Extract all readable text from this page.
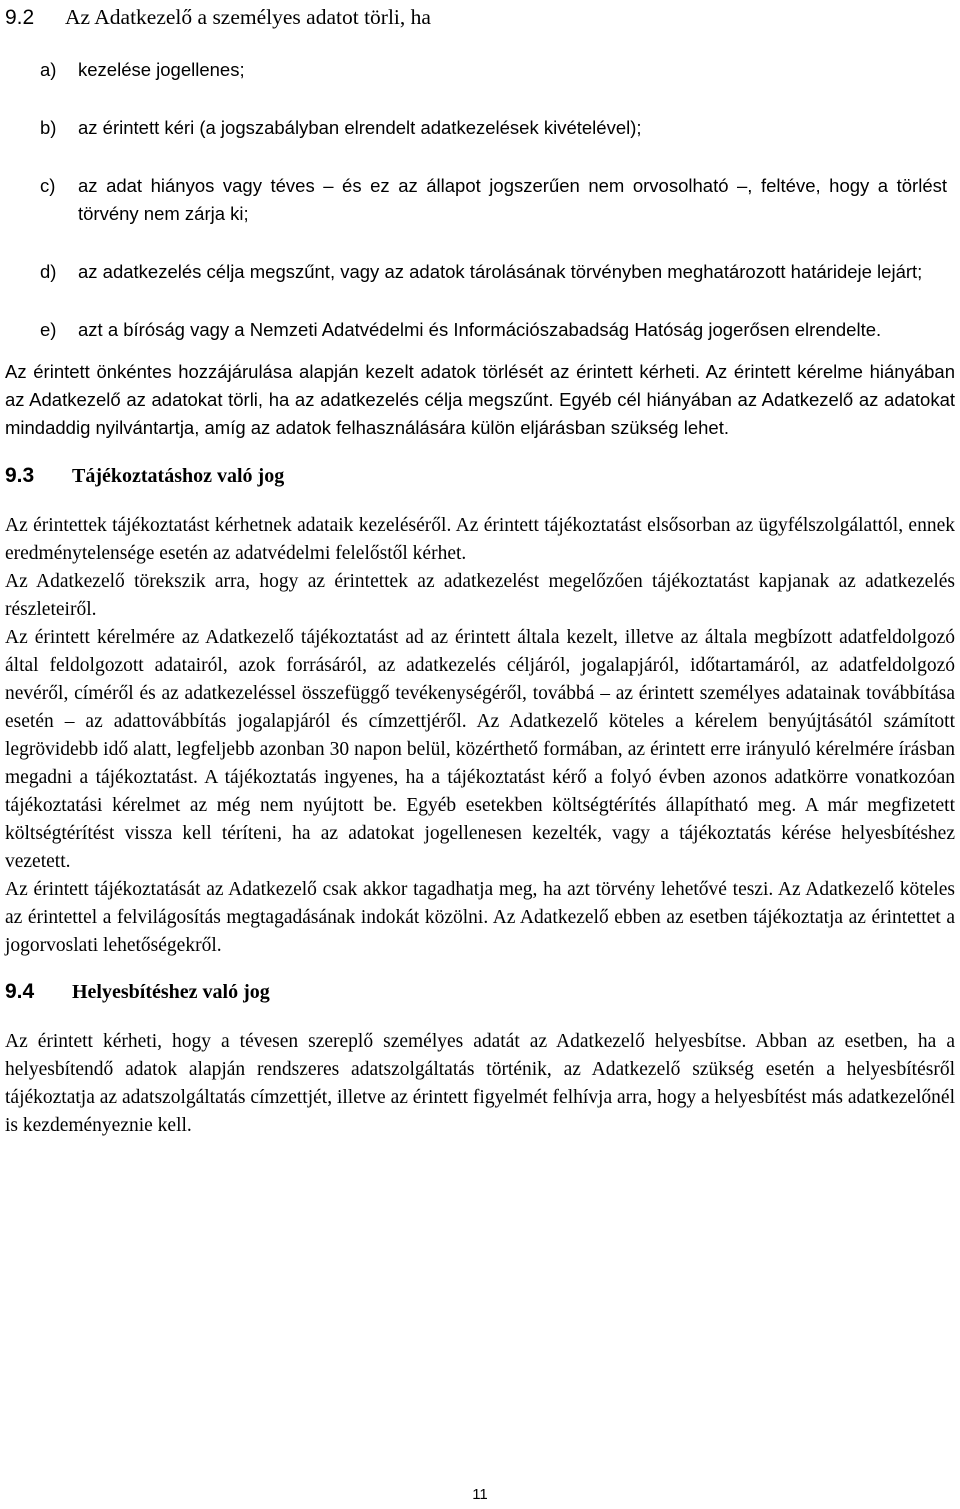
9.2	Az Adatkezelő a személyes adatot törli, ha
a)	kezelése jogellenes;
b)	az érintett kéri (a jogszabályban elrendelt adatkezelések kivételével);
c)	az adat hiányos vagy téves – és ez az állapot jogszerűen nem orvosolható –, feltéve, hogy a törlést törvény nem zárja ki;
d)	az adatkezelés célja megszűnt, vagy az adatok tárolásának törvényben meghatározott határideje lejárt;
e)	azt a bíróság vagy a Nemzeti Adatvédelmi és Információszabadság Hatóság jogerősen elrendelte.

Az érintett önkéntes hozzájárulása alapján kezelt adatok törlését az érintett kérheti. Az érintett kérelme hiányában az Adatkezelő az adatokat törli, ha az adatkezelés célja megszűnt. Egyéb cél hiányában az Adatkezelő az adatokat mindaddig nyilvántartja, amíg az adatok felhasználására külön eljárásban szükség lehet.

9.3	Tájékoztatáshoz való jog

Az érintettek tájékoztatást kérhetnek adataik kezeléséről. Az érintett tájékoztatást elsősorban az ügyfélszolgálattól, ennek eredménytelensége esetén az adatvédelmi felelőstől kérhet.

Az Adatkezelő törekszik arra, hogy az érintettek az adatkezelést megelőzően tájékoztatást kapjanak az adatkezelés részleteiről.

Az érintett kérelmére az Adatkezelő tájékoztatást ad az érintett általa kezelt, illetve az általa megbízott adatfeldolgozó által feldolgozott adatairól, azok forrásáról, az adatkezelés céljáról, jogalapjáról, időtartamáról, az adatfeldolgozó nevéről, címéről és az adatkezeléssel összefüggő tevékenységéről, továbbá – az érintett személyes adatainak továbbítása esetén – az adattovábbítás jogalapjáról és címzettjéről. Az Adatkezelő köteles a kérelem benyújtásától számított legrövidebb idő alatt, legfeljebb azonban 30 napon belül, közérthető formában, az érintett erre irányuló kérelmére írásban megadni a tájékoztatást. A tájékoztatás ingyenes, ha a tájékoztatást kérő a folyó évben azonos adatkörre vonatkozóan tájékoztatási kérelmet az még nem nyújtott be. Egyéb esetekben költségtérítés állapítható meg. A már megfizetett költségtérítést vissza kell téríteni, ha az adatokat jogellenesen kezelték, vagy a tájékoztatás kérése helyesbítéshez vezetett.

Az érintett tájékoztatását az Adatkezelő csak akkor tagadhatja meg, ha azt törvény lehetővé teszi. Az Adatkezelő köteles az érintettel a felvilágosítás megtagadásának indokát közölni. Az Adatkezelő ebben az esetben tájékoztatja az érintettet a jogorvoslati lehetőségekről.

9.4	Helyesbítéshez való jog

Az érintett kérheti, hogy a tévesen szereplő személyes adatát az Adatkezelő helyesbítse. Abban az esetben, ha a helyesbítendő adatok alapján rendszeres adatszolgáltatás történik, az Adatkezelő szükség esetén a helyesbítésről tájékoztatja az adatszolgáltatás címzettjét, illetve az érintett figyelmét felhívja arra, hogy a helyesbítést más adatkezelőnél is kezdeményeznie kell.

11
